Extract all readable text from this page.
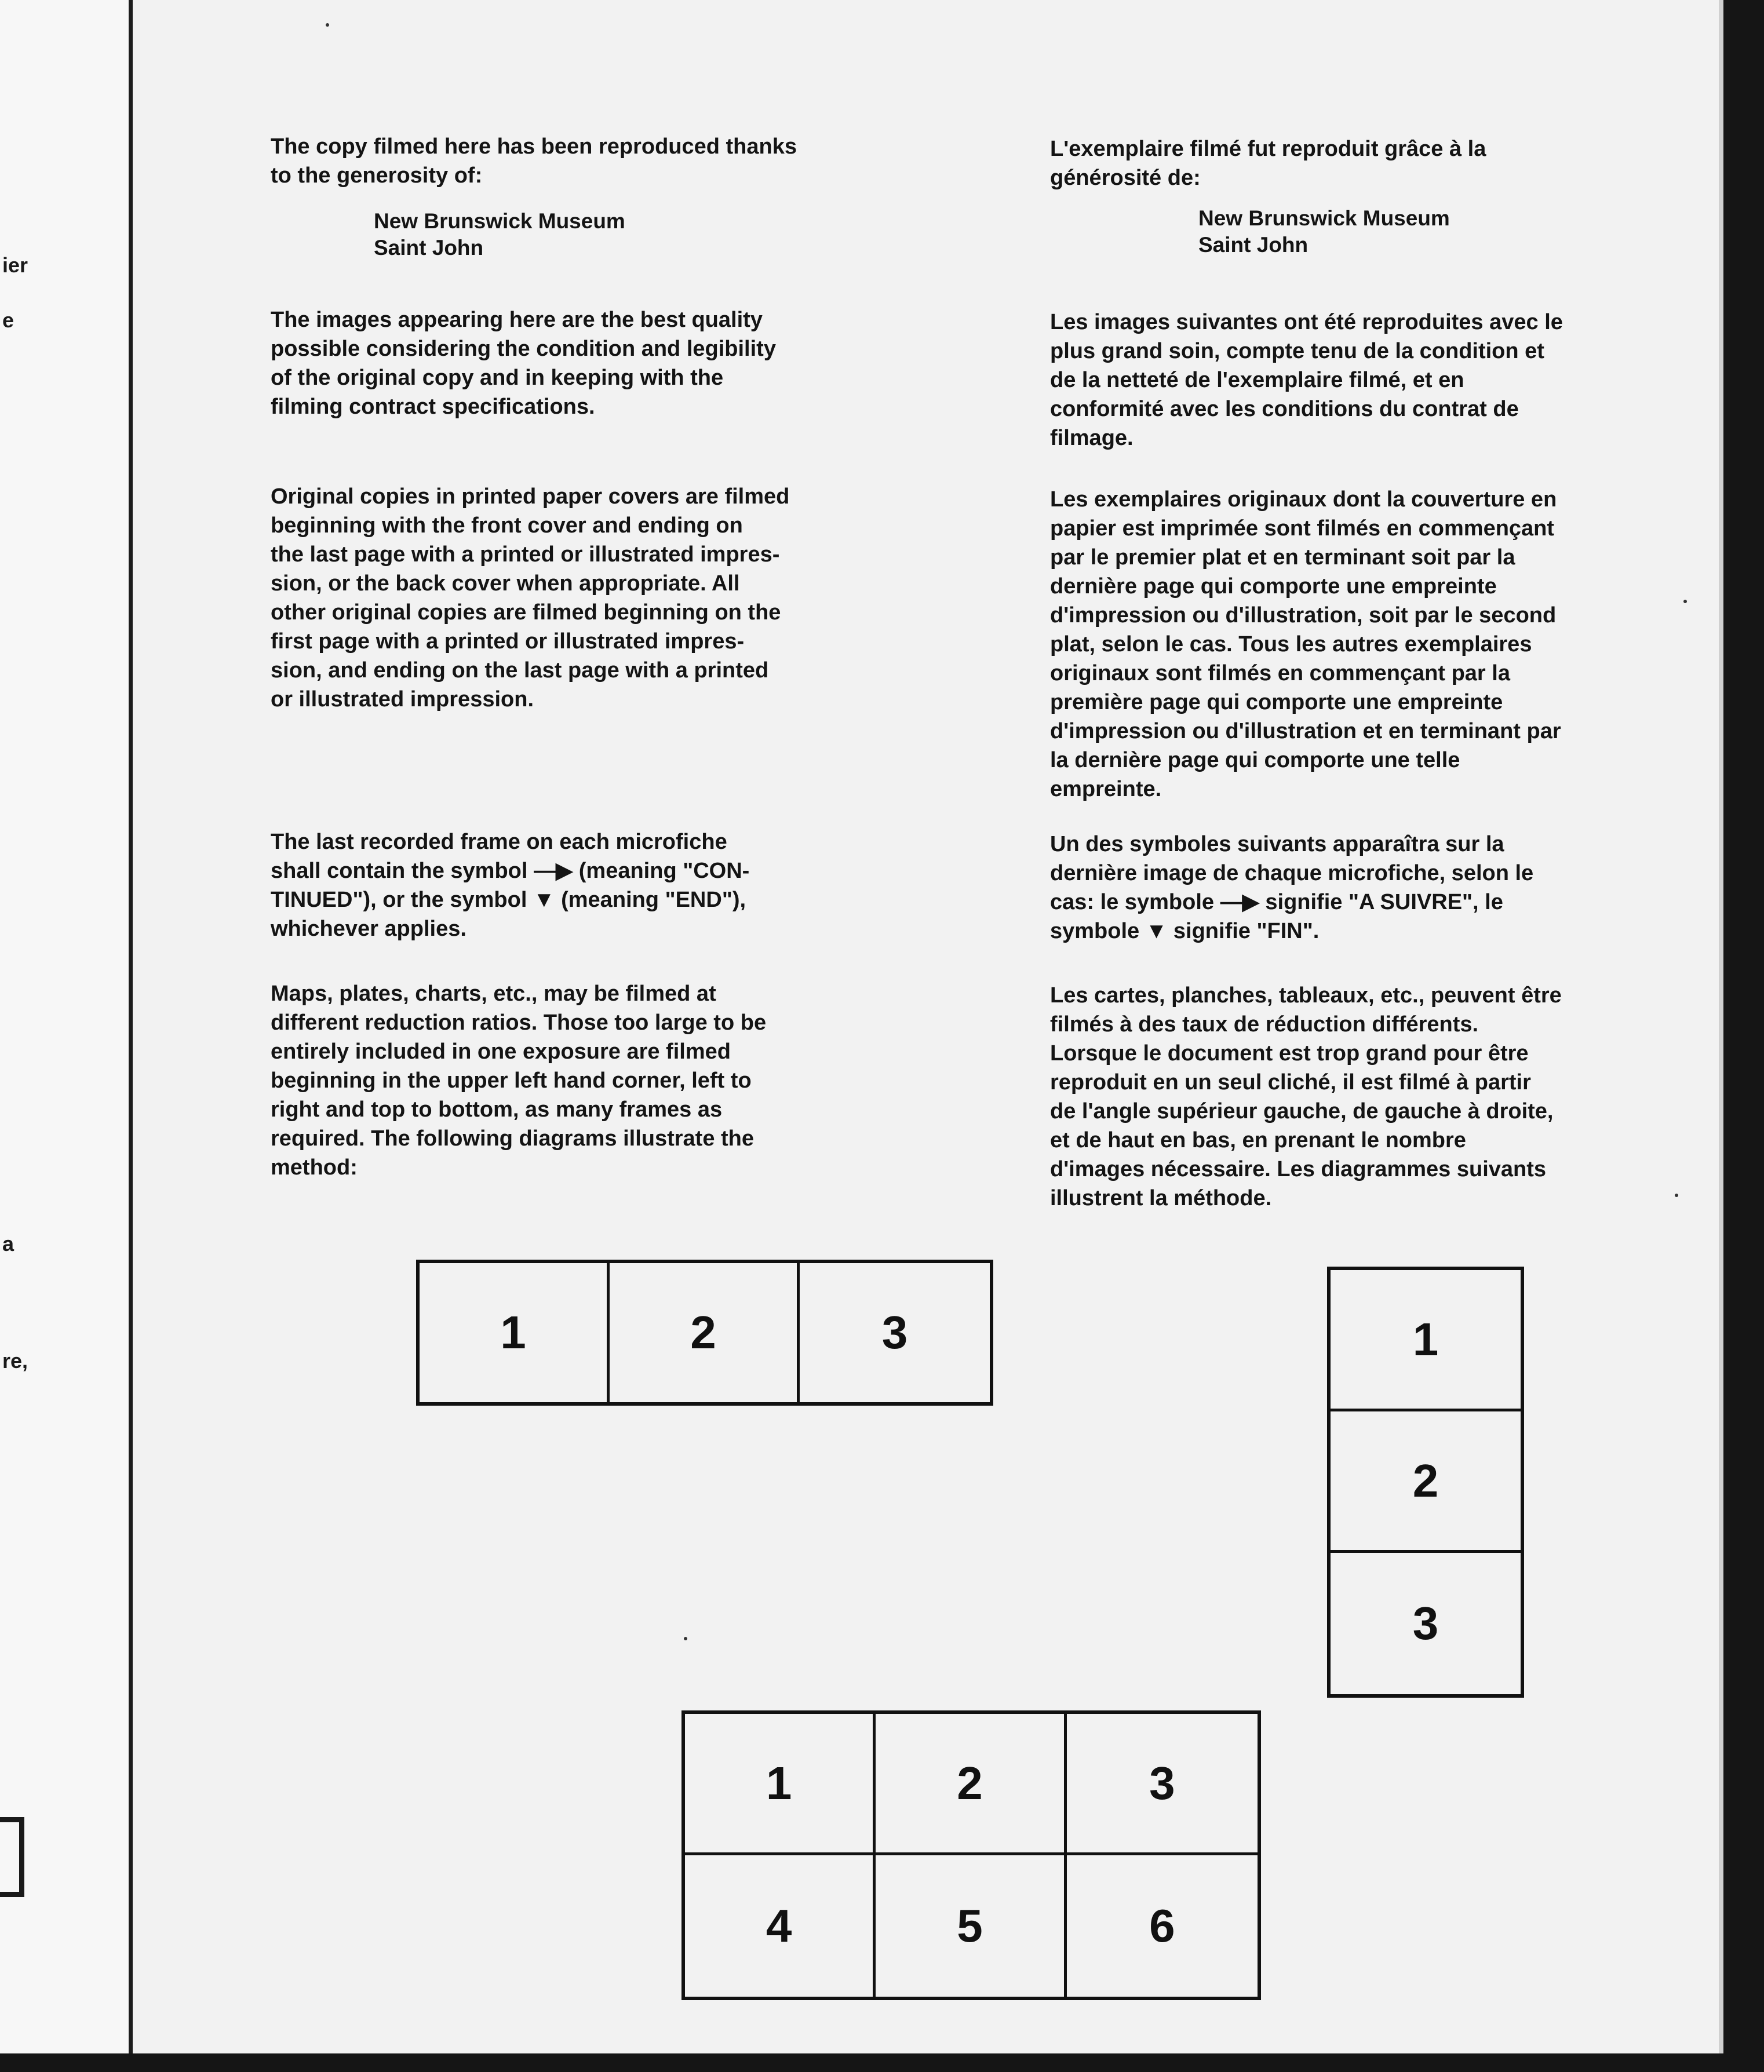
ier
e
a
re,

The copy filmed here has been reproduced thanks
to the generosity of:

New Brunswick Museum
Saint John

The images appearing here are the best quality
possible considering the condition and legibility
of the original copy and in keeping with the
filming contract specifications.

Original copies in printed paper covers are filmed
beginning with the front cover and ending on
the last page with a printed or illustrated impres-
sion, or the back cover when appropriate. All
other original copies are filmed beginning on the
first page with a printed or illustrated impres-
sion, and ending on the last page with a printed
or illustrated impression.

The last recorded frame on each microfiche
shall contain the symbol —▶ (meaning "CON-
TINUED"), or the symbol ▼ (meaning "END"),
whichever applies.

Maps, plates, charts, etc., may be filmed at
different reduction ratios. Those too large to be
entirely included in one exposure are filmed
beginning in the upper left hand corner, left to
right and top to bottom, as many frames as
required. The following diagrams illustrate the
method:

L'exemplaire filmé fut reproduit grâce à la
générosité de:

New Brunswick Museum
Saint John

Les images suivantes ont été reproduites avec le
plus grand soin, compte tenu de la condition et
de la netteté de l'exemplaire filmé, et en
conformité avec les conditions du contrat de
filmage.

Les exemplaires originaux dont la couverture en
papier est imprimée sont filmés en commençant
par le premier plat et en terminant soit par la
dernière page qui comporte une empreinte
d'impression ou d'illustration, soit par le second
plat, selon le cas. Tous les autres exemplaires
originaux sont filmés en commençant par la
première page qui comporte une empreinte
d'impression ou d'illustration et en terminant par
la dernière page qui comporte une telle
empreinte.

Un des symboles suivants apparaîtra sur la
dernière image de chaque microfiche, selon le
cas: le symbole —▶ signifie "A SUIVRE", le
symbole ▼ signifie "FIN".

Les cartes, planches, tableaux, etc., peuvent être
filmés à des taux de réduction différents.
Lorsque le document est trop grand pour être
reproduit en un seul cliché, il est filmé à partir
de l'angle supérieur gauche, de gauche à droite,
et de haut en bas, en prenant le nombre
d'images nécessaire. Les diagrammes suivants
illustrent la méthode.

1	2	3	1
2
3
1	2	3
4	5	6
